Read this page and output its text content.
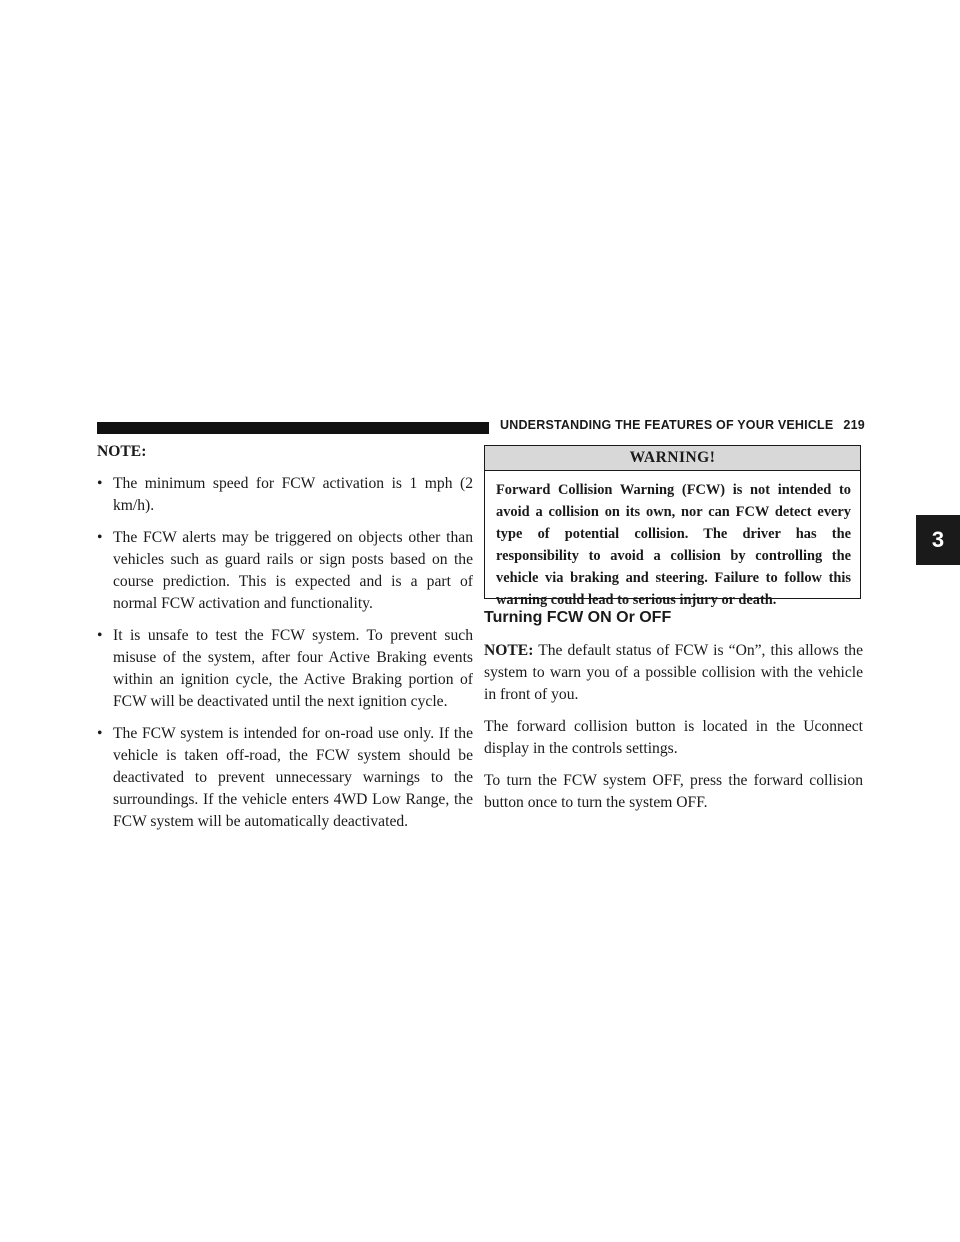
UNDERSTANDING THE FEATURES OF YOUR VEHICLE 219
3

NOTE:

• The minimum speed for FCW activation is 1 mph (2 km/h).
• The FCW alerts may be triggered on objects other than vehicles such as guard rails or sign posts based on the course prediction. This is expected and is a part of normal FCW activation and functionality.
• It is unsafe to test the FCW system. To prevent such misuse of the system, after four Active Braking events within an ignition cycle, the Active Braking portion of FCW will be deactivated until the next ignition cycle.
• The FCW system is intended for on-road use only. If the vehicle is taken off-road, the FCW system should be deactivated to prevent unnecessary warnings to the surroundings. If the vehicle enters 4WD Low Range, the FCW system will be automatically deactivated.
WARNING!
Forward Collision Warning (FCW) is not intended to avoid a collision on its own, nor can FCW detect every type of potential collision. The driver has the responsibility to avoid a collision by controlling the vehicle via braking and steering. Failure to follow this warning could lead to serious injury or death.
Turning FCW ON Or OFF

NOTE: The default status of FCW is “On”, this allows the system to warn you of a possible collision with the vehicle in front of you.

The forward collision button is located in the Uconnect display in the controls settings.

To turn the FCW system OFF, press the forward collision button once to turn the system OFF.
